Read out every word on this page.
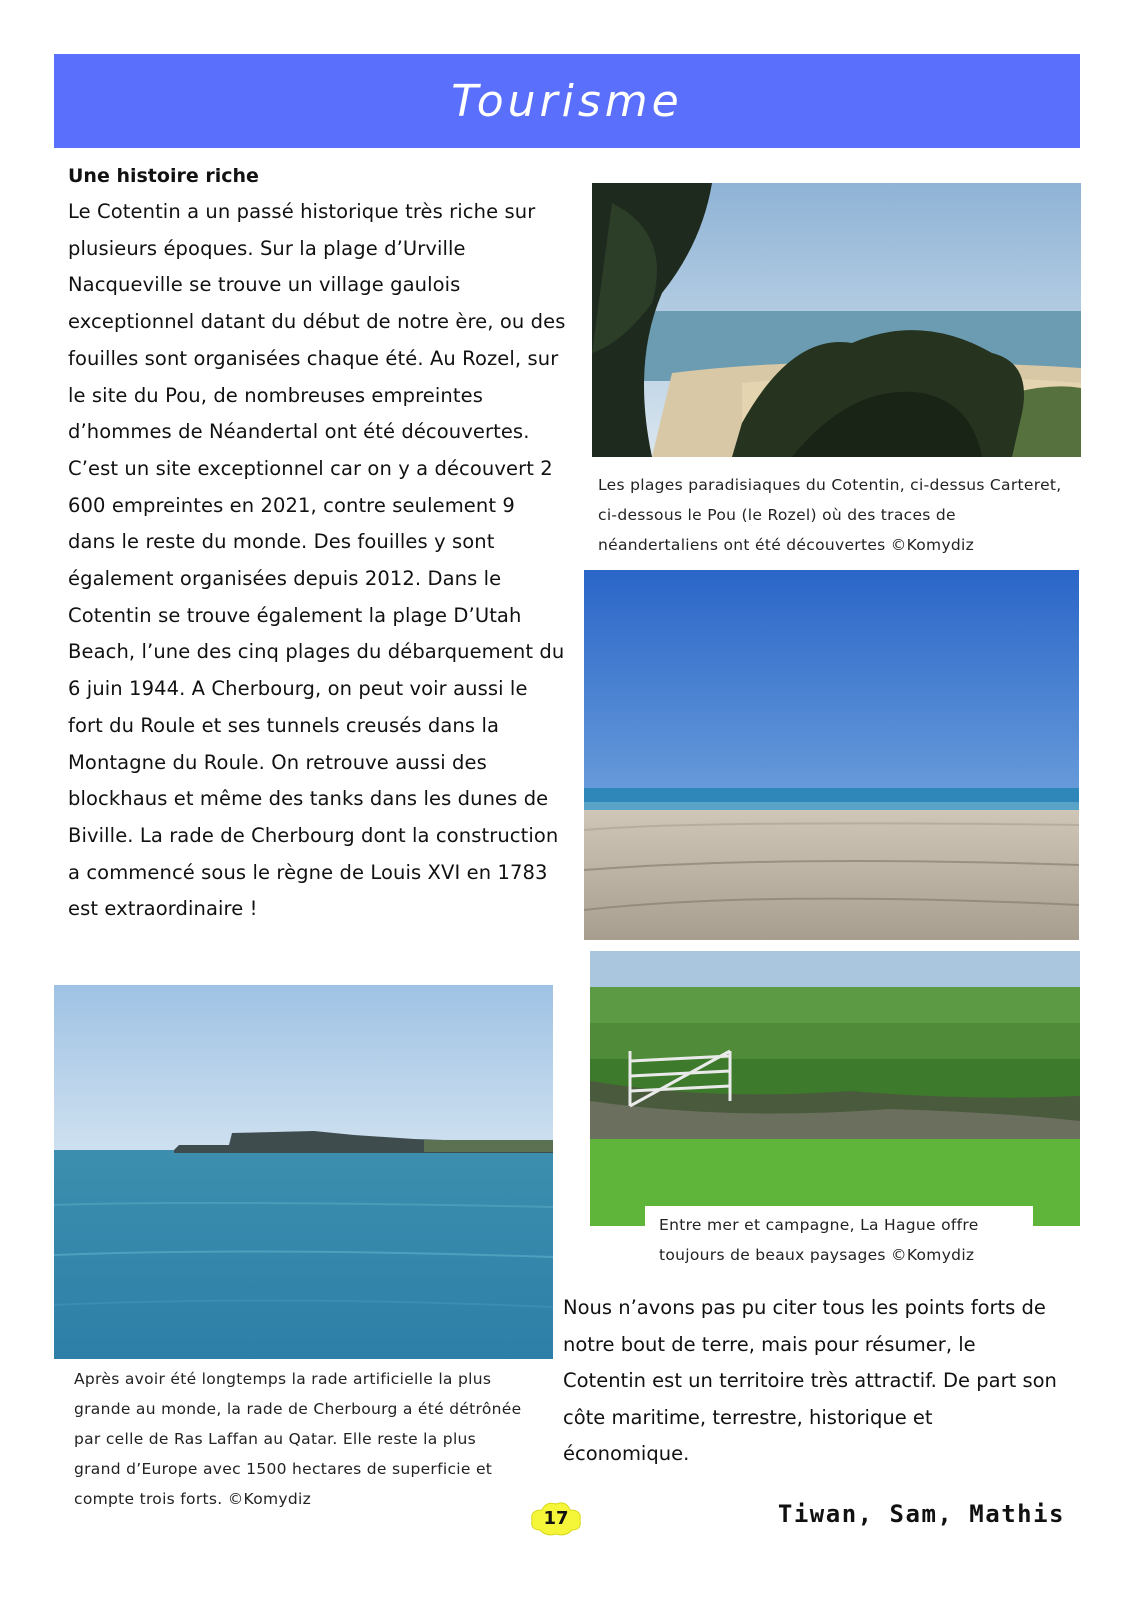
Tourisme

Une histoire riche

Le Cotentin a un passé historique très riche sur plusieurs époques. Sur la plage d’Urville Nacqueville se trouve un village gaulois exceptionnel datant du début de notre ère, ou des fouilles sont organisées chaque été. Au Rozel, sur le site du Pou, de nombreuses empreintes d’hommes de Néandertal ont été découvertes. C’est un site exceptionnel car on y a découvert 2 600 empreintes en 2021, contre seulement 9 dans le reste du monde. Des fouilles y sont également organisées depuis 2012. Dans le Cotentin se trouve également la plage D’Utah Beach, l’une des cinq plages du débarquement du 6 juin 1944. A Cherbourg, on peut voir aussi le fort du Roule et ses tunnels creusés dans la Montagne du Roule. On retrouve aussi des blockhaus et même des tanks dans les dunes de Biville. La rade de Cherbourg dont la construction a commencé sous le règne de Louis XVI en 1783 est extraordinaire !

Les plages paradisiaques du Cotentin, ci-dessus Carteret, ci-dessous le Pou (le Rozel) où des traces de néandertaliens ont été découvertes ©Komydiz
Entre mer et campagne, La Hague offre toujours de beaux paysages ©Komydiz
Après avoir été longtemps la rade artificielle la plus grande au monde, la rade de Cherbourg a été détrônée par celle de Ras Laffan au Qatar. Elle reste la plus grand d’Europe avec 1500 hectares de superficie et compte trois forts. ©Komydiz

Nous n’avons pas pu citer tous les points forts de notre bout de terre, mais pour résumer, le Cotentin est un territoire très attractif. De part son côte maritime, terrestre, historique et économique.

17	Tiwan, Sam, Mathis
